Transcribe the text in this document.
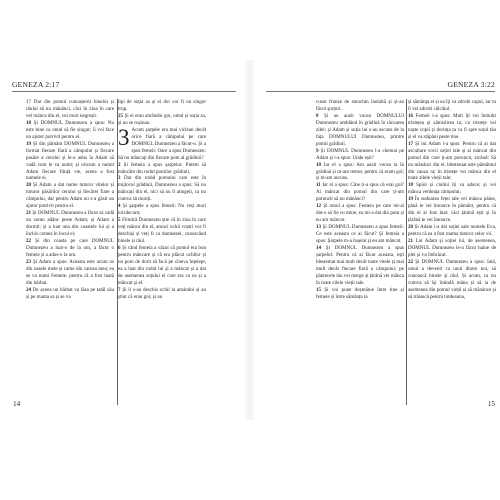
GENEZA 2:17

17 Dar din pomul cunoașterii binelui și răului să nu mănânci, căci în ziua în care vei mânca din el, vei muri negreșit.

18 Și DOMNUL Dumnezeu a spus: Nu este bine ca omul să fie singur; îi voi face un ajutor potrivit pentru el.

19 Și din pământ DOMNUL Dumnezeu a format fiecare fiară a câmpului și fiecare pasăre a cerului și le-a adus la Adam să vadă cum le va numi; și oricum a numit Adam fiecare ființă vie, aceea a fost numele ei.

20 Și Adam a dat nume tuturor vitelor și tuturor păsărilor cerului și fiecărei fiare a câmpului, dar pentru Adam nu s-a găsit un ajutor potrivit pentru el.

21 Și DOMNUL Dumnezeu a făcut să cadă un somn adânc peste Adam; și Adam a dormit; și a luat una din coastele lui și a închis carnea în locul ei;

22 Și din coasta pe care DOMNUL Dumnezeu a luat-o de la om, a făcut o femeie și a adus-o la om.

23 Și Adam a spus: Aceasta este acum os din oasele mele și carne din carnea mea; ea se va numi Femeie, pentru că a fost luată din bărbat.

24 De aceea un bărbat va lăsa pe tatăl său și pe mama sa și se va

lipi de soția sa și ei doi vor fi un singur trup.

25 Și ei erau amândoi goi, omul și soția sa, și nu se rușinau.

3 Acum șarpele era mai viclean decât orice fiară a câmpului pe care DOMNUL Dumnezeu a făcut-o. Și a spus femeii: Oare a spus Dumnezeu: Să nu mâncați din fiecare pom al grădinii?

2 Și femeia a spus șarpelui: Putem să mâncăm din rodul pomilor grădinii,

3 Dar din rodul pomului care este în mijlocul grădinii, Dumnezeu a spus: Să nu mâncați din el, nici să nu îl atingeți, ca nu cumva să muriți.

4 Și șarpele a spus femeii: Nu veți muri nicidecum;

5 Fiindcă Dumnezeu știe că în ziua în care veți mânca din el, atunci ochii voștri vor fi deschiși și veți fi ca dumnezei, cunoscând binele și răul.

6 Și când femeia a văzut că pomul era bun pentru mâncare și că era plăcut ochilor și un pom de dorit să facă pe cineva înțelept, ea a luat din rodul lui și a mâncat și a dat de asemenea soțului ei care era cu ea și a mâncat și el.

7 Și li s-au deschis ochii la amândoi și au știut că erau goi; și au

14
GENEZA 3:22

cusut frunze de smochin laolaltă și și-au făcut șorțuri.

8 Și au auzit vocea DOMNULUI Dumnezeu umblând în grădină în răcoarea zilei; și Adam și soția lui s-au ascuns de la fața DOMNULUI Dumnezeu, printre pomii grădinii.

9 Și DOMNUL Dumnezeu l-a chemat pe Adam și i-a spus: Unde ești?

10 Iar el a spus: Am auzit vocea ta în grădină și m-am temut, pentru că eram gol; și m-am ascuns.

11 Iar el a spus: Cine ți-a spus că erai gol? Ai mâncat din pomul din care ți-am poruncit să nu mănânci?

12 Și omul a spus: Femeia pe care mi-ai dat-o să fie cu mine, ea mi-a dat din pom și eu am mâncat.

13 Și DOMNUL Dumnezeu a spus femeii: Ce este aceasta ce ai făcut? Și femeia a spus: Șarpele m-a înșelat și eu am mâncat.

14 Și DOMNUL Dumnezeu a spus șarpelui: Pentru că ai făcut aceasta, ești blestemat mai mult decât toate vitele și mai mult decât fiecare fiară a câmpului; pe pântecele tău vei merge și țărână vei mânca în toate zilele vieții tale.

15 Și voi pune dușmănie între tine și femeie și între sămânța ta

și sămânța ei și ea îți va zdrobi capul, iar tu îi vei zdrobi călcâiul.

16 Femeii i-a spus: Mult îți voi înmulți tristețea și zămislirea ta; cu tristețe vei naște copii și dorința ta va fi spre soțul tău și el va stăpâni peste tine.

17 Și lui Adam i-a spus: Pentru că ai dat ascultare vocii soției tale și ai mâncat din pomul din care ți-am poruncit, zicând: Să nu mănânci din el, blestemat este pământul din cauza ta; în tristețe vei mânca din el toate zilele vieții tale;

18 Spini și ciulini îți va aduce; și vei mânca verdeața câmpului;

19 În sudoarea feței tale vei mânca pâine, până te vei întoarce în pământ, pentru că din el ai fost luat: căci țărână ești și în țărână te vei întoarce.

20 Și Adam i-a dat soției sale numele Eva, pentru că ea a fost mama tuturor celor vii.

21 Lui Adam și soției lui, de asemenea, DOMNUL Dumnezeu le-a făcut haine de piei și i-a îmbrăcat.

22 Și DOMNUL Dumnezeu a spus: Iată, omul a devenit ca unul dintre noi, să cunoască binele și răul. Și acum, ca nu cumva să își întindă mâna și să ia de asemenea din pomul vieții și să mănânce și să trăiască pentru totdeauna,

15
